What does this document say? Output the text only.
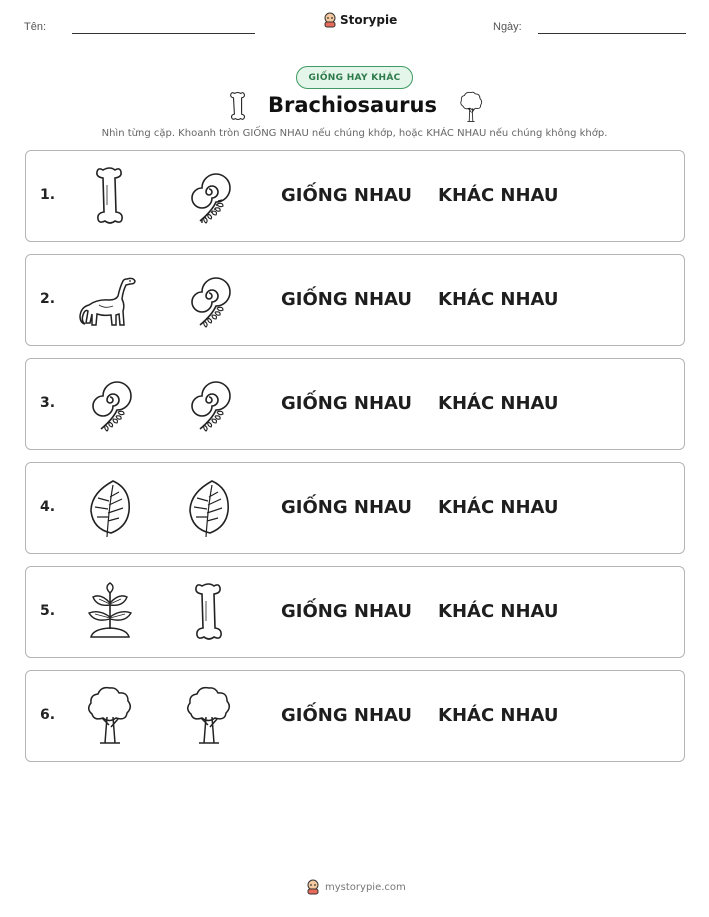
Tên:	Storypie	Ngày:
GIỐNG HAY KHÁC
Brachiosaurus
Nhìn từng cặp. Khoanh tròn GIỐNG NHAU nếu chúng khớp, hoặc KHÁC NHAU nếu chúng không khớp.
1.	GIỐNG NHAU KHÁC NHAU
2.	GIỐNG NHAU KHÁC NHAU
3.	GIỐNG NHAU KHÁC NHAU
4.	GIỐNG NHAU KHÁC NHAU
5.	GIỐNG NHAU KHÁC NHAU
6.	GIỐNG NHAU KHÁC NHAU
mystorypie.com
